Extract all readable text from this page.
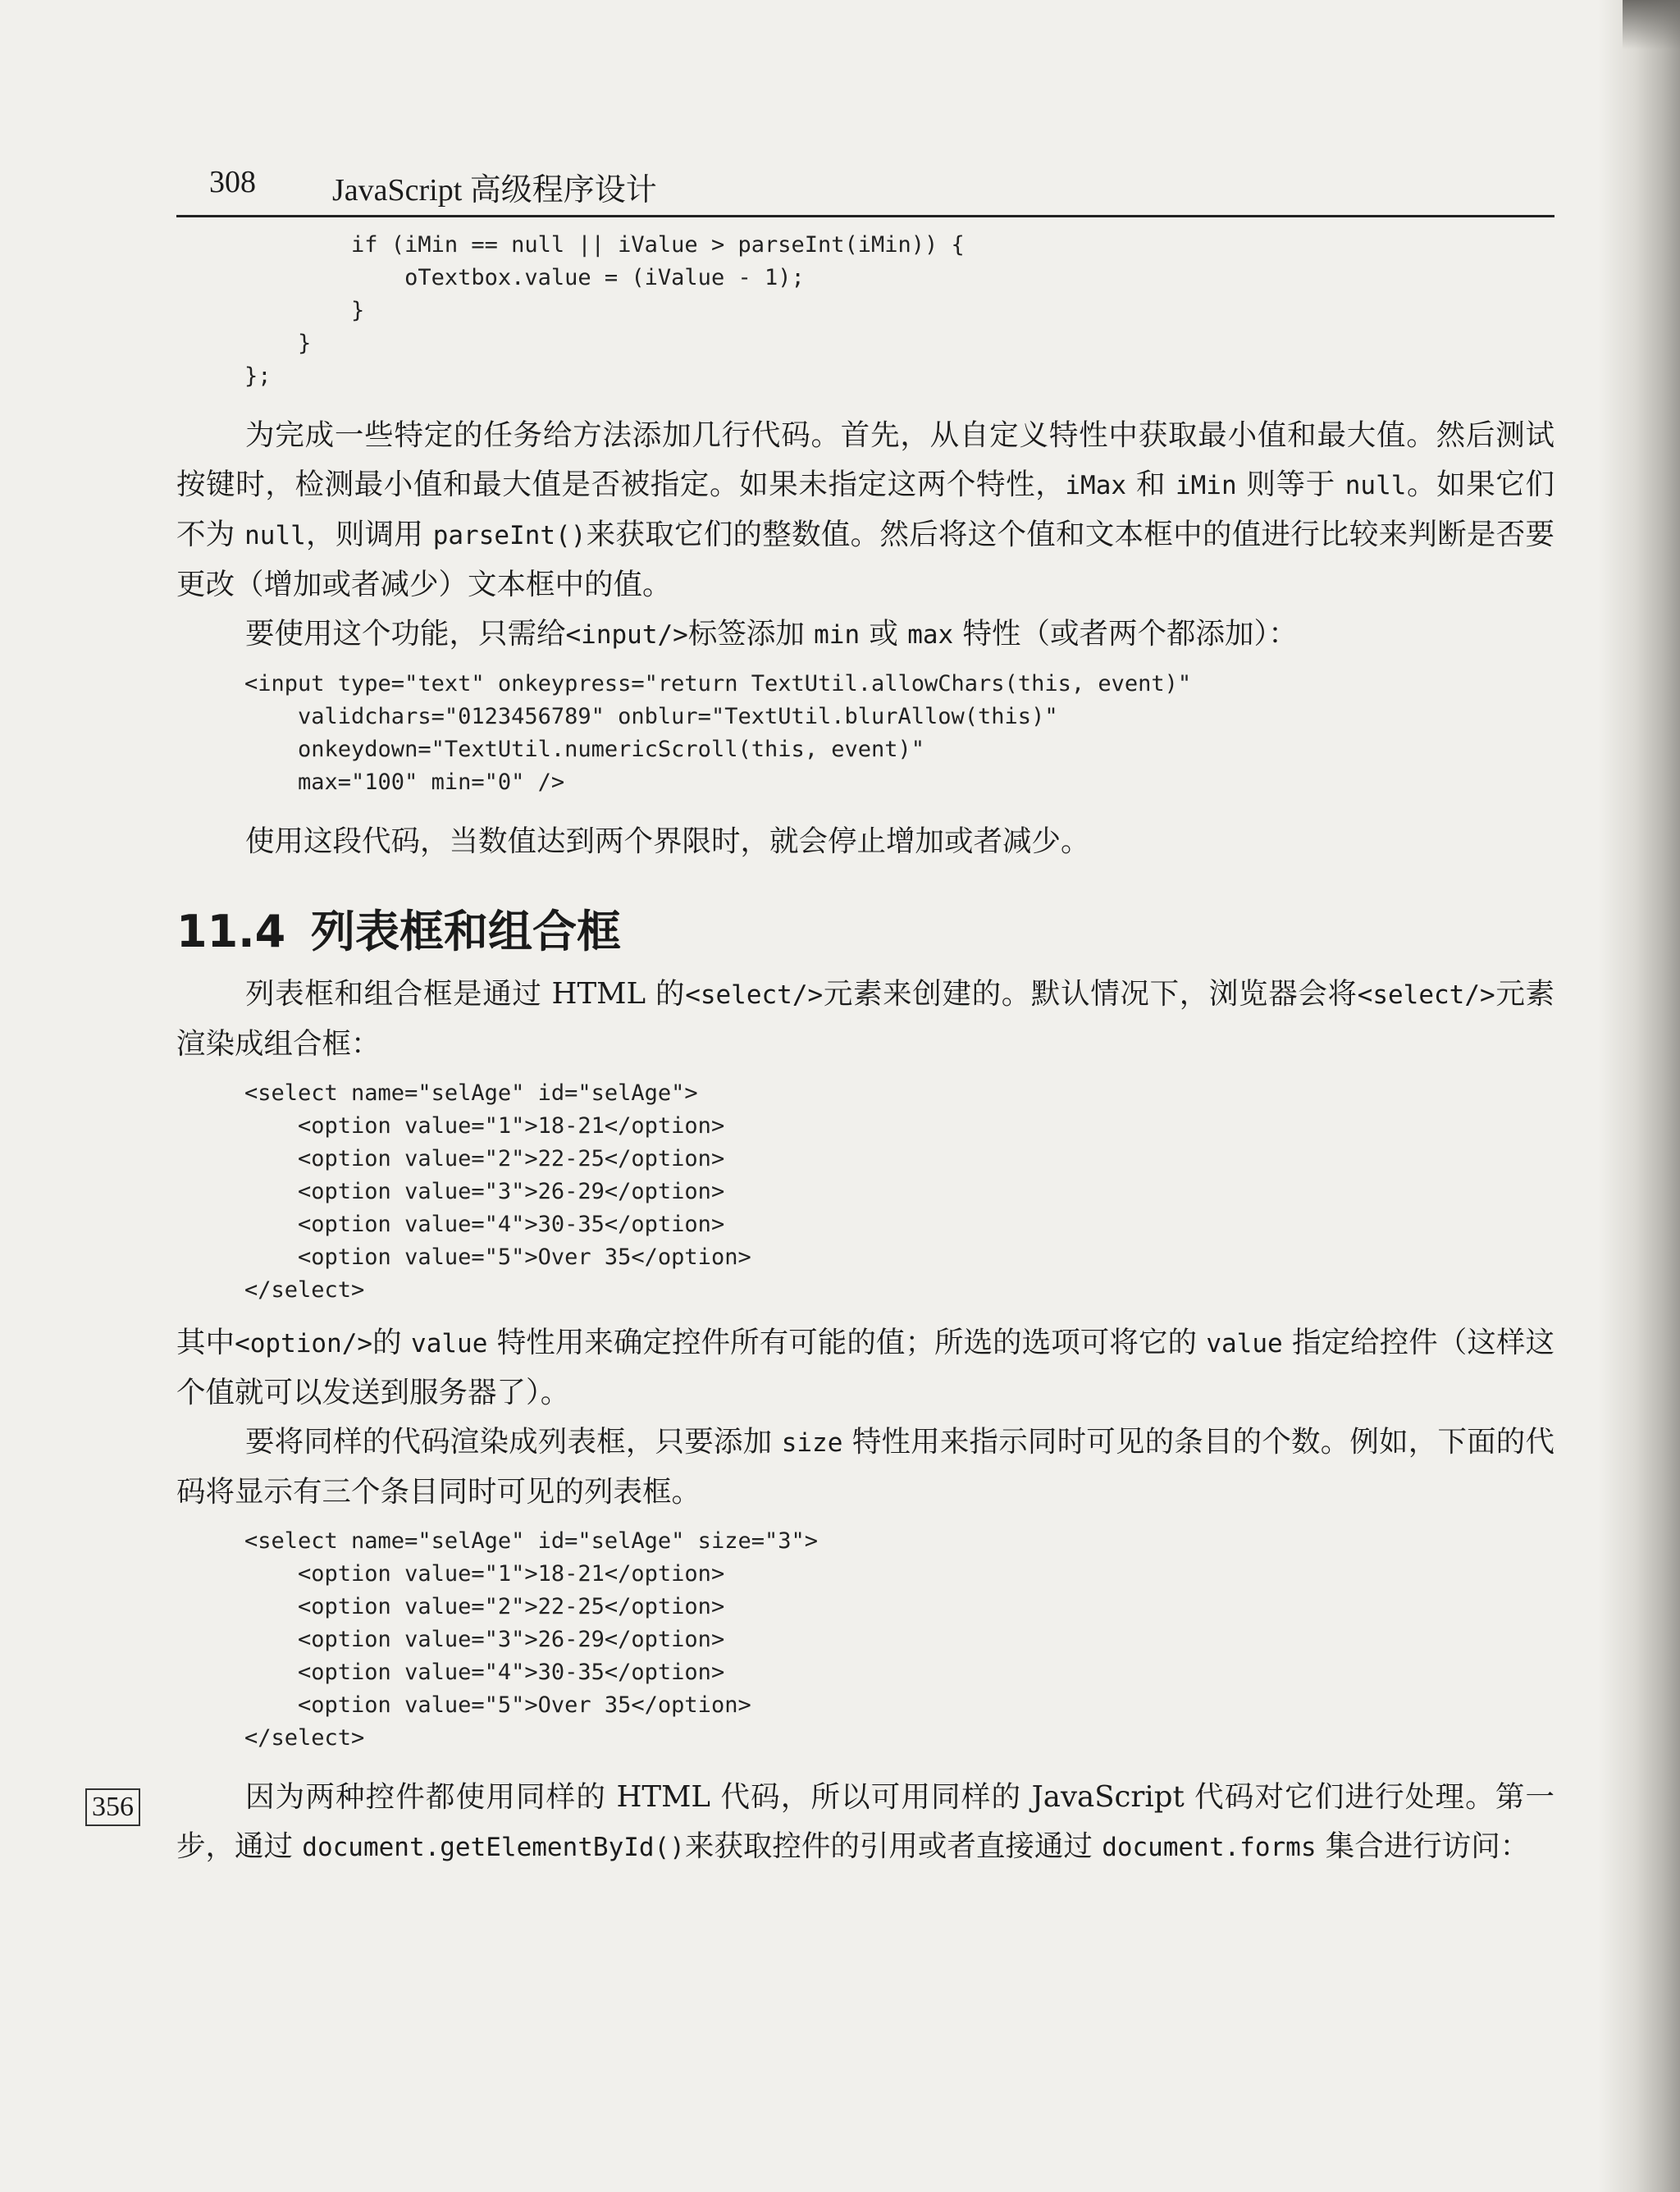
356
308 JavaScript 高级程序设计
if (iMin == null || iValue > parseInt(iMin)) {
oTextbox.value = (iValue - 1);
}
}
};

为完成一些特定的任务给方法添加几行代码。首先，从自定义特性中获取最小值和最大值。然后测试按键时，检测最小值和最大值是否被指定。如果未指定这两个特性，iMax 和 iMin 则等于 null。如果它们不为 null，则调用 parseInt()来获取它们的整数值。然后将这个值和文本框中的值进行比较来判断是否要更改（增加或者减少）文本框中的值。

要使用这个功能，只需给<input/>标签添加 min 或 max 特性（或者两个都添加）：

<input type="text" onkeypress="return TextUtil.allowChars(this, event)"
validchars="0123456789" onblur="TextUtil.blurAllow(this)"
onkeydown="TextUtil.numericScroll(this, event)"
max="100" min="0" />

使用这段代码，当数值达到两个界限时，就会停止增加或者减少。

11.4 列表框和组合框

列表框和组合框是通过 HTML 的<select/>元素来创建的。默认情况下，浏览器会将<select/>元素渲染成组合框：

<select name="selAge" id="selAge">
<option value="1">18-21</option>
<option value="2">22-25</option>
<option value="3">26-29</option>
<option value="4">30-35</option>
<option value="5">Over 35</option>
</select>

其中<option/>的 value 特性用来确定控件所有可能的值；所选的选项可将它的 value 指定给控件（这样这个值就可以发送到服务器了）。

要将同样的代码渲染成列表框，只要添加 size 特性用来指示同时可见的条目的个数。例如，下面的代码将显示有三个条目同时可见的列表框。

<select name="selAge" id="selAge" size="3">
<option value="1">18-21</option>
<option value="2">22-25</option>
<option value="3">26-29</option>
<option value="4">30-35</option>
<option value="5">Over 35</option>
</select>

因为两种控件都使用同样的 HTML 代码，所以可用同样的 JavaScript 代码对它们进行处理。第一步，通过 document.getElementById()来获取控件的引用或者直接通过 document.forms 集合进行访问：
